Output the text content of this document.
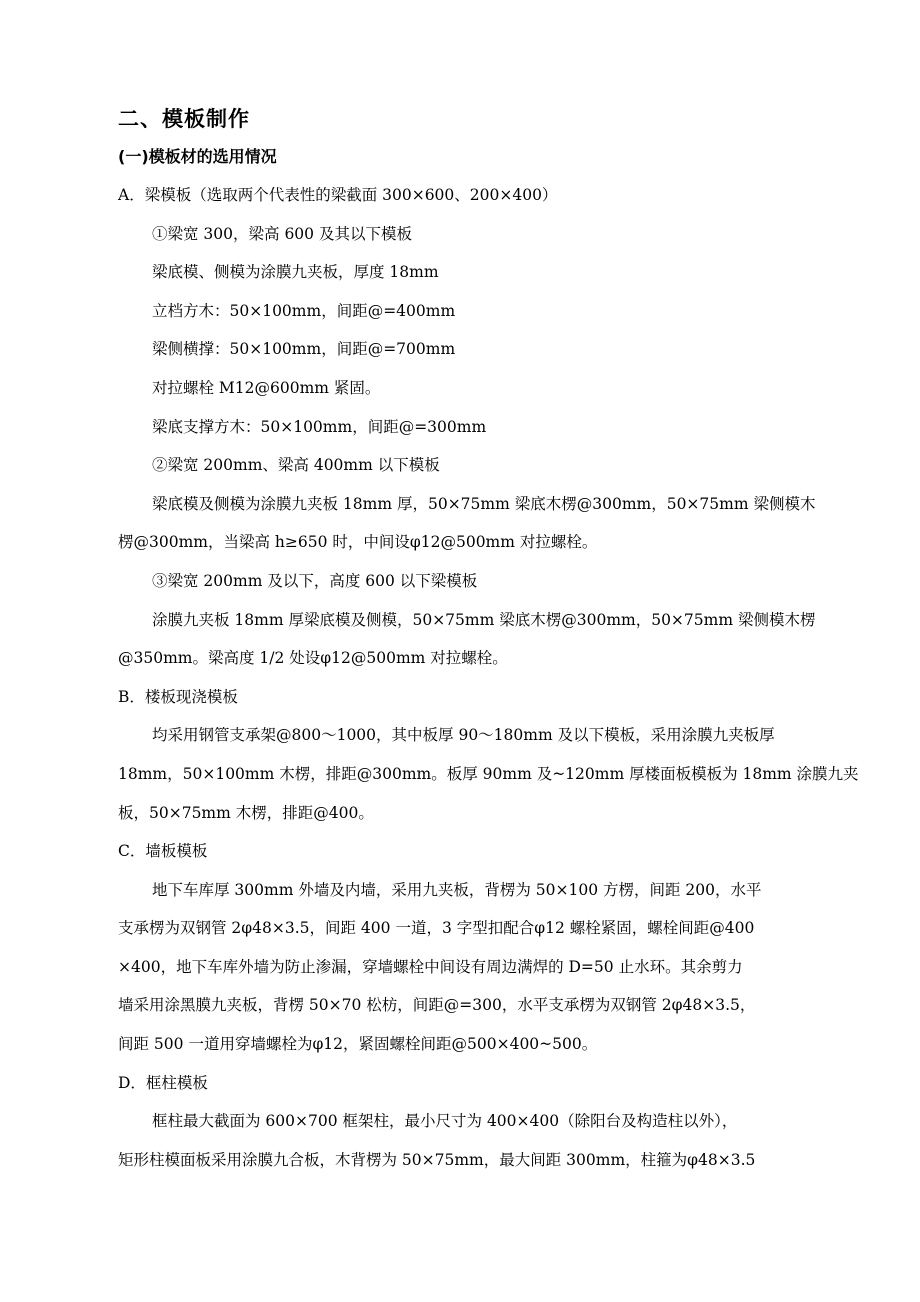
二、模板制作
(一)模板材的选用情况
A．梁模板（选取两个代表性的梁截面 300×600、200×400）
①梁宽 300，梁高 600 及其以下模板
梁底模、侧模为涂膜九夹板，厚度 18mm
立档方木：50×100mm，间距@=400mm
梁侧横撑：50×100mm，间距@=700mm
对拉螺栓 M12@600mm 紧固。
梁底支撑方木：50×100mm，间距@=300mm
②梁宽 200mm、梁高 400mm 以下模板
梁底模及侧模为涂膜九夹板 18mm 厚，50×75mm 梁底木楞@300mm，50×75mm 梁侧模木
楞@300mm，当梁高 h≥650 时，中间设φ12@500mm 对拉螺栓。
③梁宽 200mm 及以下，高度 600 以下梁模板
涂膜九夹板 18mm 厚梁底模及侧模，50×75mm 梁底木楞@300mm，50×75mm 梁侧模木楞
@350mm。梁高度 1/2 处设φ12@500mm 对拉螺栓。
B．楼板现浇模板
均采用钢管支承架@800～1000，其中板厚 90～180mm 及以下模板，采用涂膜九夹板厚
18mm，50×100mm 木楞，排距@300mm。板厚 90mm 及~120mm 厚楼面板模板为 18mm 涂膜九夹
板，50×75mm 木楞，排距@400。
C．墙板模板
地下车库厚 300mm 外墙及内墙，采用九夹板，背楞为 50×100 方楞，间距 200，水平
支承楞为双钢管 2φ48×3.5，间距 400 一道，3 字型扣配合φ12 螺栓紧固，螺栓间距@400
×400，地下车库外墙为防止渗漏，穿墙螺栓中间设有周边满焊的 D=50 止水环。其余剪力
墙采用涂黑膜九夹板，背楞 50×70 松枋，间距@=300，水平支承楞为双钢管 2φ48×3.5，
间距 500 一道用穿墙螺栓为φ12，紧固螺栓间距@500×400~500。
D．框柱模板
框柱最大截面为 600×700 框架柱，最小尺寸为 400×400（除阳台及构造柱以外），
矩形柱模面板采用涂膜九合板，木背楞为 50×75mm，最大间距 300mm，柱箍为φ48×3.5
